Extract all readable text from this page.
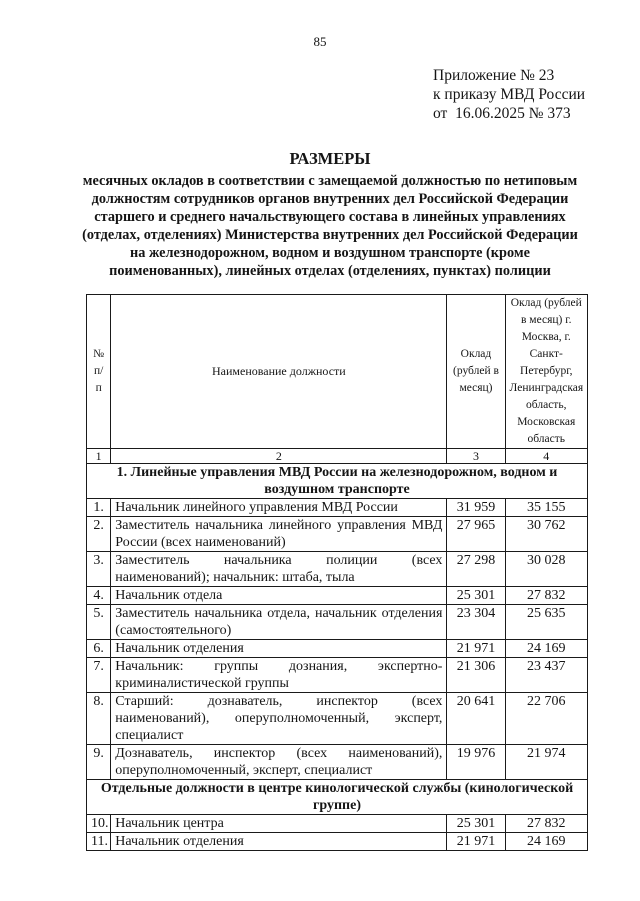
85
Приложение № 23
к приказу МВД России
от  16.06.2025 № 373
РАЗМЕРЫ
месячных окладов в соответствии с замещаемой должностью по нетиповым должностям сотрудников органов внутренних дел Российской Федерации старшего и среднего начальствующего состава в линейных управлениях (отделах, отделениях) Министерства внутренних дел Российской Федерации на железнодорожном, водном и воздушном транспорте (кроме поименованных), линейных отделах (отделениях, пунктах) полиции
№ п/п	Наименование должности	Оклад (рублей в месяц)	Оклад (рублей в месяц) г. Москва, г. Санкт-Петербург, Ленинградская область, Московская область
1	2	3	4
1. Линейные управления МВД России на железнодорожном, водном и воздушном транспорте			
1.	Начальник линейного управления МВД России	31 959	35 155
2.	Заместитель начальника линейного управления МВД России (всех наименований)	27 965	30 762
3.	Заместитель начальника полиции (всех наименований); начальник: штаба, тыла	27 298	30 028
4.	Начальник отдела	25 301	27 832
5.	Заместитель начальника отдела, начальник отделения (самостоятельного)	23 304	25 635
6.	Начальник отделения	21 971	24 169
7.	Начальник: группы дознания, экспертно-криминалистической группы	21 306	23 437
8.	Старший: дознаватель, инспектор (всех наименований), оперуполномоченный, эксперт, специалист	20 641	22 706
9.	Дознаватель, инспектор (всех наименований), оперуполномоченный, эксперт, специалист	19 976	21 974
Отдельные должности в центре кинологической службы (кинологической группе)			
10.	Начальник центра	25 301	27 832
11.	Начальник отделения	21 971	24 169
